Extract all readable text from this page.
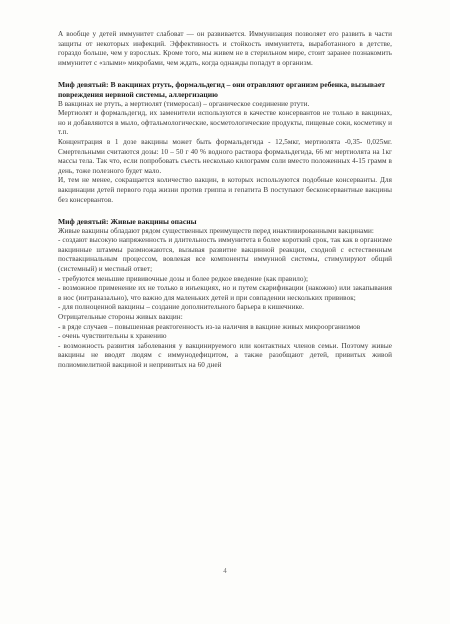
А вообще у детей иммунитет слабоват — он развивается. Иммунизация позволяет его развить в части защиты от некоторых инфекций. Эффективность и стойкость иммунитета, выработанного в детстве, гораздо больше, чем у взрослых. Кроме того, мы живем не в стерильном мире, стоит заранее познакомить иммунитет с «злыми» микробами, чем ждать, когда однажды попадут в организм.

Миф девятый: В вакцинах ртуть, формальдегид – они отравляют организм ребенка, вызывает повреждения нервной системы, аллергизацию

В вакцинах не ртуть, а мертиолят (тимеросал) – органическое соединение ртути.

Мертиолят и формальдегид, их заменители используются в качестве консервантов не только в вакцинах, но и добавляются в мыло, офтальмологические, косметологические продукты, пищевые соки, косметику и т.п.

Концентрация в 1 дозе вакцины может быть формальдегида - 12,5мкг, мертиолята -0,35- 0,025мг. Смертельными считаются дозы: 10 – 50 г 40 % водного раствора формальдегида, 66 мг мертиолята на 1кг массы тела. Так что, если попробовать съесть несколько килограмм соли вместо положенных 4-15 грамм в день, тоже полезного будет мало.

И, тем не менее, сокращается количество вакцин, в которых используются подобные консерванты. Для вакцинации детей первого года жизни против гриппа и гепатита В поступают бесконсервантные вакцины без консервантов.

Миф девятый: Живые вакцины опасны

Живые вакцины обладают рядом существенных преимуществ перед инактивированными вакцинами:

- создают высокую напряженность и длительность иммунитета в более короткий срок, так как в организме вакцинные штаммы размножаются, вызывая развитие вакцинной реакции, сходной с естественным поствакцинальным процессом, вовлекая все компоненты иммунной системы, стимулируют общий (системный) и местный ответ;

- требуются меньшие прививочные дозы и более редкое введение (как правило);

- возможное применение их не только в инъекциях, но и путем скарификации (накожно) или закапывания в нос (интраназально), что важно для маленьких детей и при совпадении нескольких прививок;

- для полноценной вакцины – создание дополнительного барьера в кишечнике.

Отрицательные стороны живых вакцин:

- в ряде случаев – повышенная реактогенность из-за наличия в вакцине живых микроорганизмов

- очень чувствительны к хранению

- возможность развития заболевания у вакцинируемого или контактных членов семьи. Поэтому живые вакцины не вводят людям с иммунодефицитом, а также разобщают детей, привитых живой полиомиелитной вакциной и непривитых на 60 дней

4
